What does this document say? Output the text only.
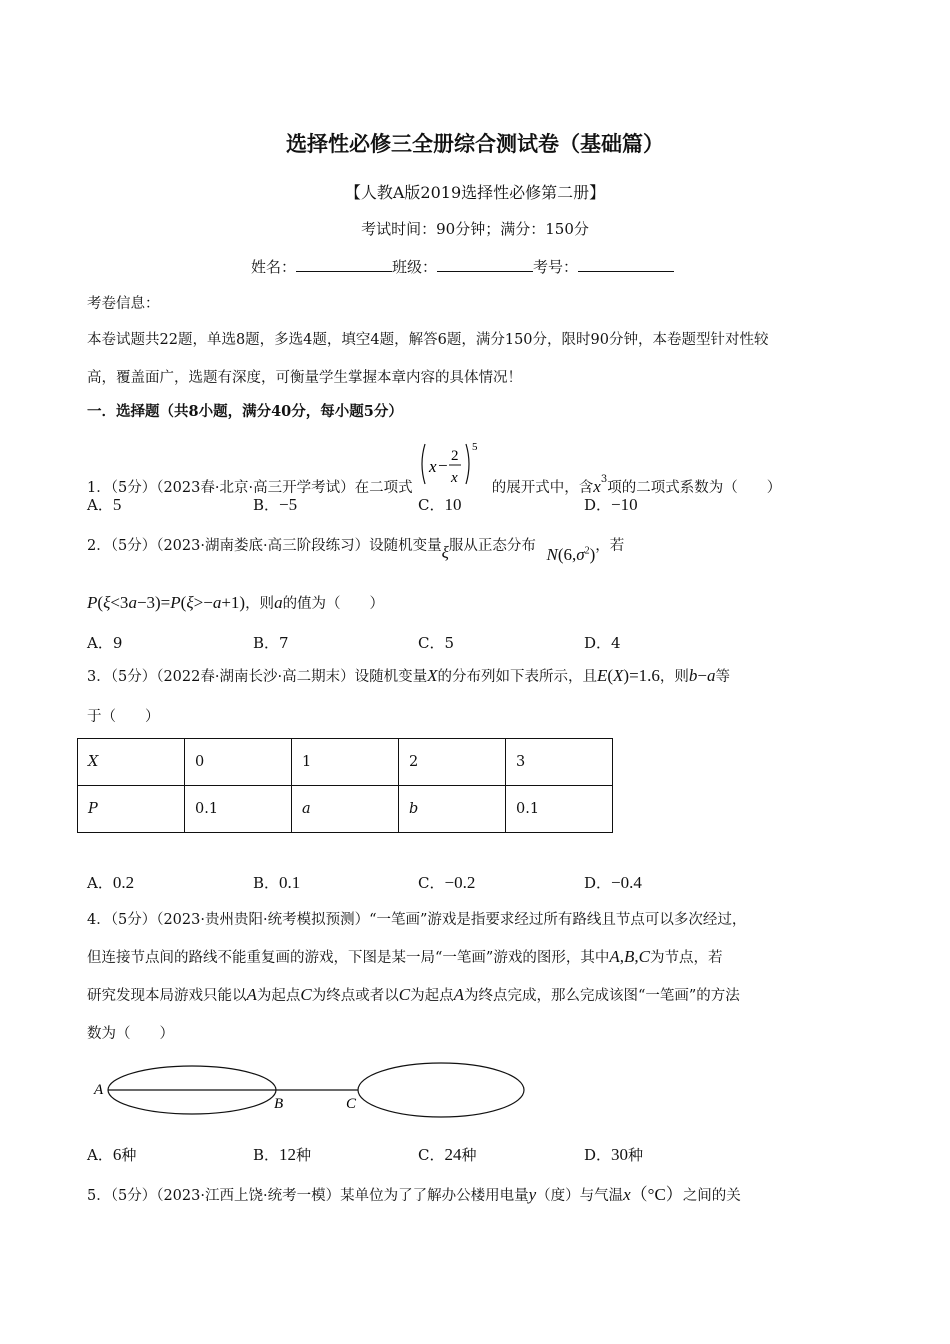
选择性必修三全册综合测试卷（基础篇）
【人教A版2019选择性必修第二册】
考试时间：90分钟；满分：150分
姓名：	班级：	考号：
考卷信息：
本卷试题共22题，单选8题，多选4题，填空4题，解答6题，满分150分，限时90分钟，本卷题型针对性较
高，覆盖面广，选题有深度，可衡量学生掌握本章内容的具体情况！
一．选择题（共8小题，满分40分，每小题5分）
1．（5分）（2023春·北京·高三开学考试）在二项式
x − 2
x
5
的展开式中，含$x^3$项的二项式系数为（　　）
A．5	B．−5	C．10	D．−10
2．（5分）（2023·湖南娄底·高三阶段练习）设随机变量ξ服从正态分布 $N(6,\sigma^2)$，若
P(ξ<3a−3)=P(ξ>−a+1)，则a的值为（　　）
A．9	B．7	C．5	D．4
3．（5分）（2022春·湖南长沙·高二期末）设随机变量X的分布列如下表所示，且E(X)=1.6，则b−a等
于（　　）
X	0	1	2	3
P	0.1	a	b	0.1
A．0.2	B．0.1	C．−0.2	D．−0.4
4．（5分）（2023·贵州贵阳·统考模拟预测）“一笔画”游戏是指要求经过所有路线且节点可以多次经过，
但连接节点间的路线不能重复画的游戏，下图是某一局“一笔画”游戏的图形，其中A,B,C为节点，若
研究发现本局游戏只能以A为起点C为终点或者以C为起点A为终点完成，那么完成该图“一笔画”的方法
数为（　　）
A
B	C
A．6种	B．12种	C．24种	D．30种
5．（5分）（2023·江西上饶·统考一模）某单位为了了解办公楼用电量y（度）与气温x（°C）之间的关
